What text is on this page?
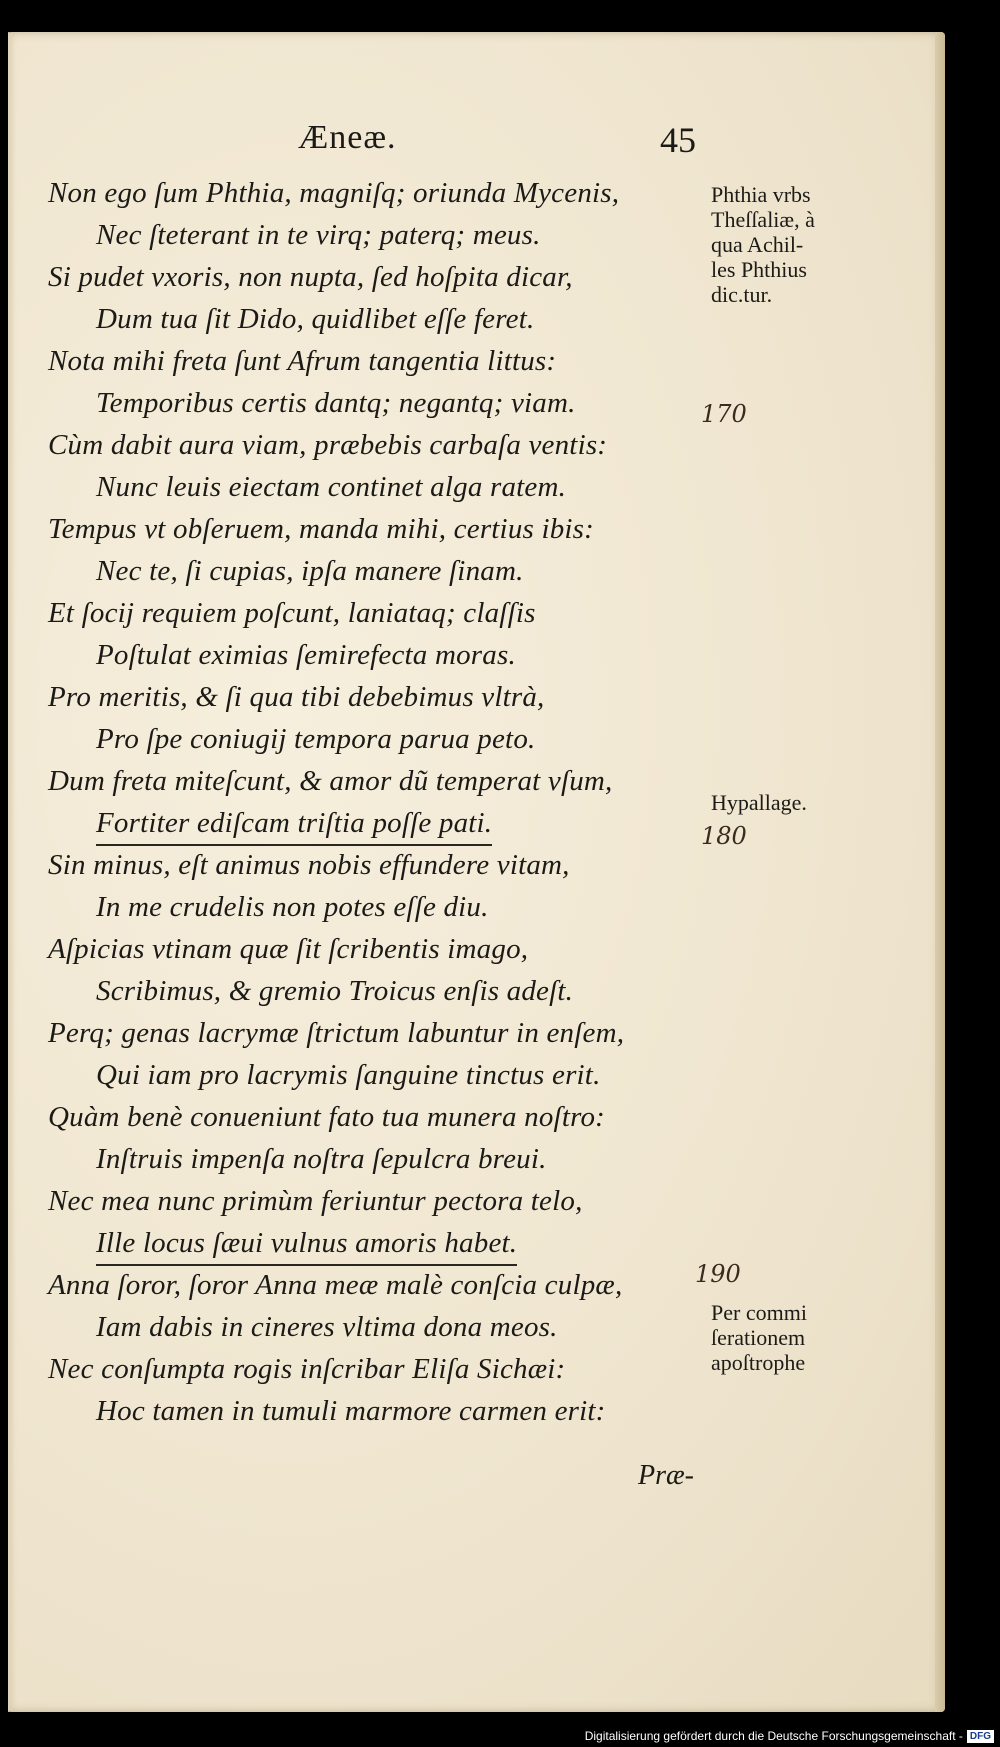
Æneæ.	45
Non ego ſum Phthia, magniſq; oriunda Mycenis,
Nec ſteterant in te virq; paterq; meus.
Si pudet vxoris, non nupta, ſed hoſpita dicar,
Dum tua ſit Dido, quidlibet eſſe feret.
Nota mihi freta ſunt Afrum tangentia littus:
Temporibus certis dantq; negantq; viam.
Cùm dabit aura viam, præbebis carbaſa ventis:
Nunc leuis eiectam continet alga ratem.
Tempus vt obſeruem, manda mihi, certius ibis:
Nec te, ſi cupias, ipſa manere ſinam.
Et ſocij requiem poſcunt, laniataq; claſſis
Poſtulat eximias ſemirefecta moras.
Pro meritis, & ſi qua tibi debebimus vltrà,
Pro ſpe coniugij tempora parua peto.
Dum freta miteſcunt, & amor dũ temperat vſum,
Fortiter ediſcam triſtia poſſe pati.
Sin minus, eſt animus nobis effundere vitam,
In me crudelis non potes eſſe diu.
Aſpicias vtinam quæ ſit ſcribentis imago,
Scribimus, & gremio Troicus enſis adeſt.
Perq; genas lacrymæ ſtrictum labuntur in enſem,
Qui iam pro lacrymis ſanguine tinctus erit.
Quàm benè conueniunt fato tua munera noſtro:
Inſtruis impenſa noſtra ſepulcra breui.
Nec mea nunc primùm feriuntur pectora telo,
Ille locus ſæui vulnus amoris habet.
Anna ſoror, ſoror Anna meæ malè conſcia culpæ,
Iam dabis in cineres vltima dona meos.
Nec conſumpta rogis inſcribar Eliſa Sichæi:
Hoc tamen in tumuli marmore carmen erit:
Phthia vrbs
Theſſaliæ, à
qua Achil-
les Phthius
dic.tur.
Hypallage.
Per commi
ſerationem
apoſtrophe
170
180
190
Præ-
Digitalisierung gefördert durch die Deutsche Forschungsgemeinschaft - DFG
